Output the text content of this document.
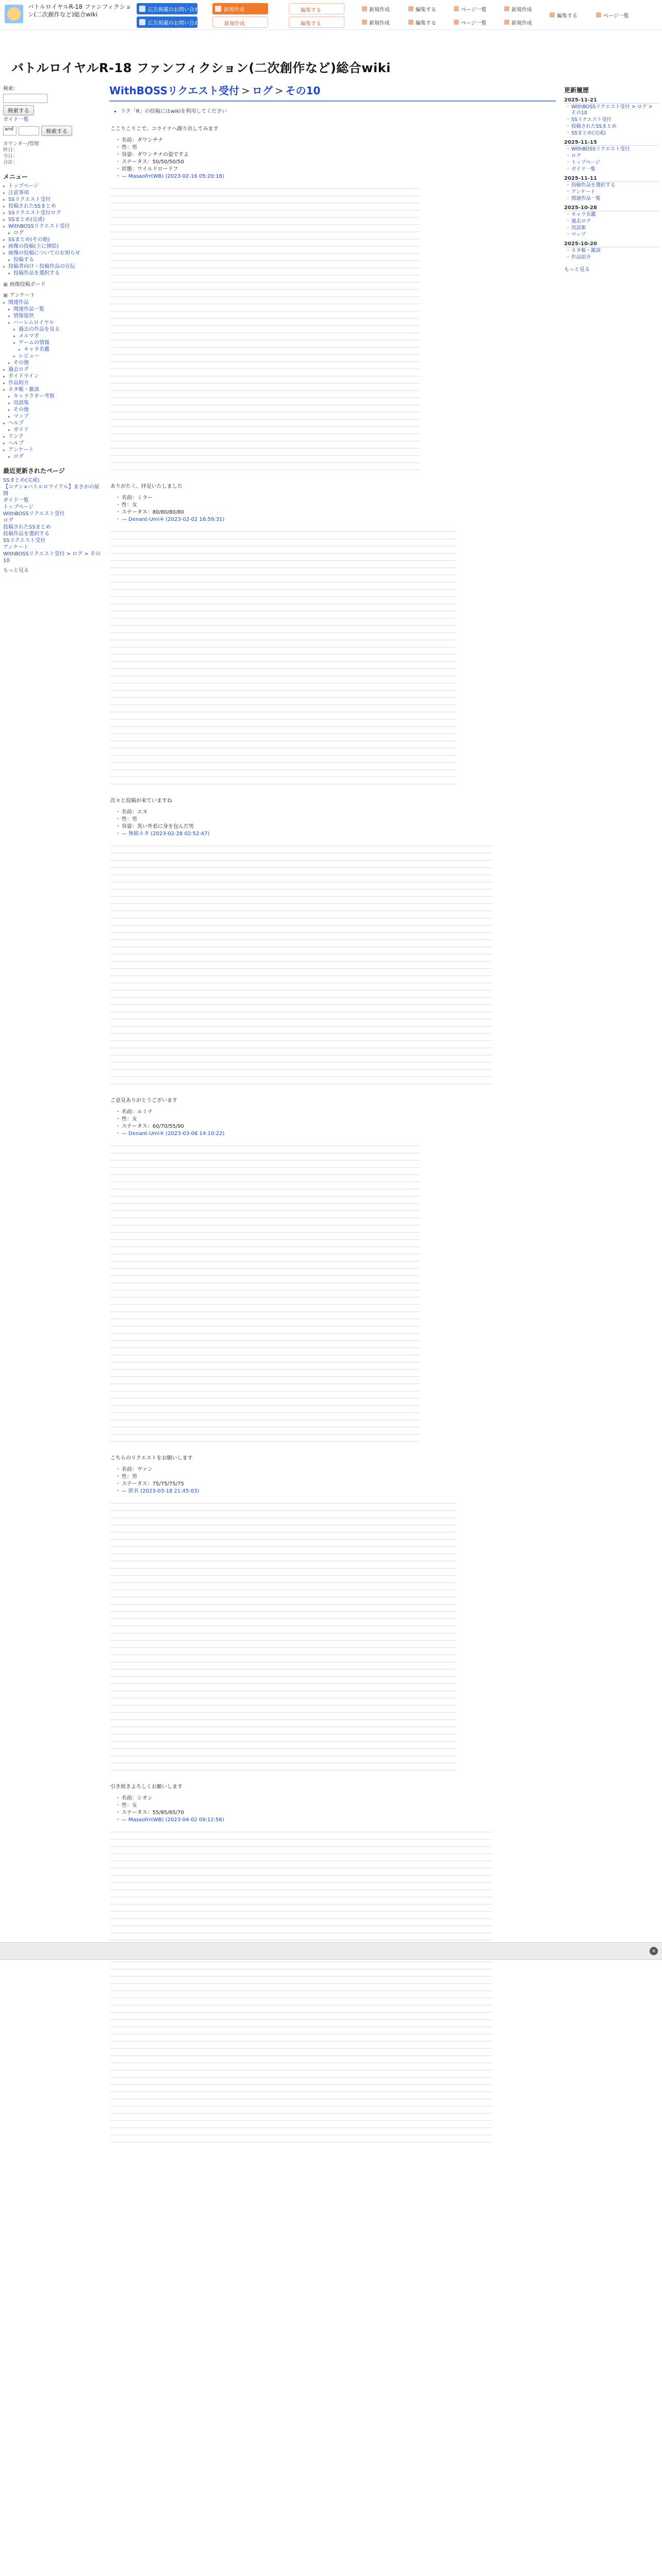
バトルロイヤルR-18 ファンフィクション(二次創作など)総合wiki
広告掲載のお問い合わせ
広告掲載のお問い合わせ
新規作成
新規作成
編集する
編集する
新規作成
新規作成
編集する
編集する
ページ一覧
ページ一覧
新規作成
新規作成
編集する	ページ一覧
バトルロイヤルR-18 ファンフィクション(二次創作など)総合wiki
検索：
検索する
ガイド一覧
and	検索する
カウンター/管理
昨日：
今日：
合計：
メニュー
▸ トップページ
▸ 注意事項
▸ SSリクエスト受付
▸ 投稿されたSSまとめ
▸ SSリクエスト受付ログ
▸ SSまとめ(完成)
▸ WithBOSSリクエスト受付
▸ ログ
▸ SSまとめ(その他)
▸ 画像の投稿(主に挿絵)
▸ 画像の投稿についてのお知らせ
▸ 投稿する
▸ 投稿者向け・投稿作品の宣伝
▸ 投稿作品を選択する
▣ 画像投稿ボード
▣ アンケート
▸ 関連作品
▸ 関連作品一覧
▸ 情報提供
▸ ハーレムロイヤル
▸ 過去の作品を見る
▸ メルマガ
▸ ゲームの情報
▸ キャラ名鑑
▸ レビュー
▸ その他
▸ 過去ログ
▸ ガイドライン
▸ 作品紹介
▸ ネタ帳・雑談
▸ キャラクター考察
▸ 用語集
▸ その他
▸ マップ
▸ ヘルプ
▸ ガイド
▸ リンク
▸ ヘルプ
▸ アンケート
▸ ログ
最近更新されたページ
SSまとめ(完成)
【コナン×バトルロワイアル】まさかの展開
ガイド一覧
トップページ
WithBOSSリクエスト受付
ログ
投稿されたSSまとめ
投稿作品を選択する
SSリクエスト受付
アンケート
WithBOSSリクエスト受付 > ログ > その10
もっと見る
WithBOSSリクエスト受付 > ログ > その10
• リク「R」の投稿にはwikiを利用してください

ここりこりこで、コライナへ顔り出してみます

・ 名前：ダワンチナ
・ 性：男
・ 容姿：ダワンチナの姿ですよ
・ ステータス：50/50/50/50
・ 状態：ワイルドロードフ
・ — Masaofrr(WB) (2023-02-16 05:20:18)

ありがたく、拝見いたしました

・ 名前：ミラー
・ 性：女
・ ステータス：80/80/80/80
・ — Denant-Umi④ (2023-02-02 16:59:31)

次々と投稿が来ていますね

・ 名前：エヌ
・ 性：男
・ 容姿：黒い外套に身を包んだ男
・ — 無銘ネタ (2023-02-28 02:52:47)

ご意見ありがとうございます

・ 名前：ルミナ
・ 性：女
・ ステータス：60/70/55/90
・ — Denant-Umi④ (2023-03-06 14:10:22)

こちらのリクエストをお願いします

・ 名前：ヴァン
・ 性：男
・ ステータス：75/75/75/75
・ — 匿名 (2023-03-18 21:45:03)

引き続きよろしくお願いします

・ 名前：シオン
・ 性：女
・ ステータス：55/85/65/70
・ — Masaofrr(WB) (2023-04-02 09:12:56)
×
更新履歴
2025-11-21
・ WithBOSSリクエスト受付 > ログ > その10
・ SSリクエスト受付
・ 投稿されたSSまとめ
・ SSまとめ(完成)
2025-11-15
・ WithBOSSリクエスト受付
・ ログ
・ トップページ
・ ガイド一覧
2025-11-11
・ 投稿作品を選択する
・ アンケート
・ 関連作品一覧
2025-10-28
・ キャラ名鑑
・ 過去ログ
・ 用語集
・ マップ
2025-10-20
・ ネタ帳・雑談
・ 作品紹介
もっと見る
